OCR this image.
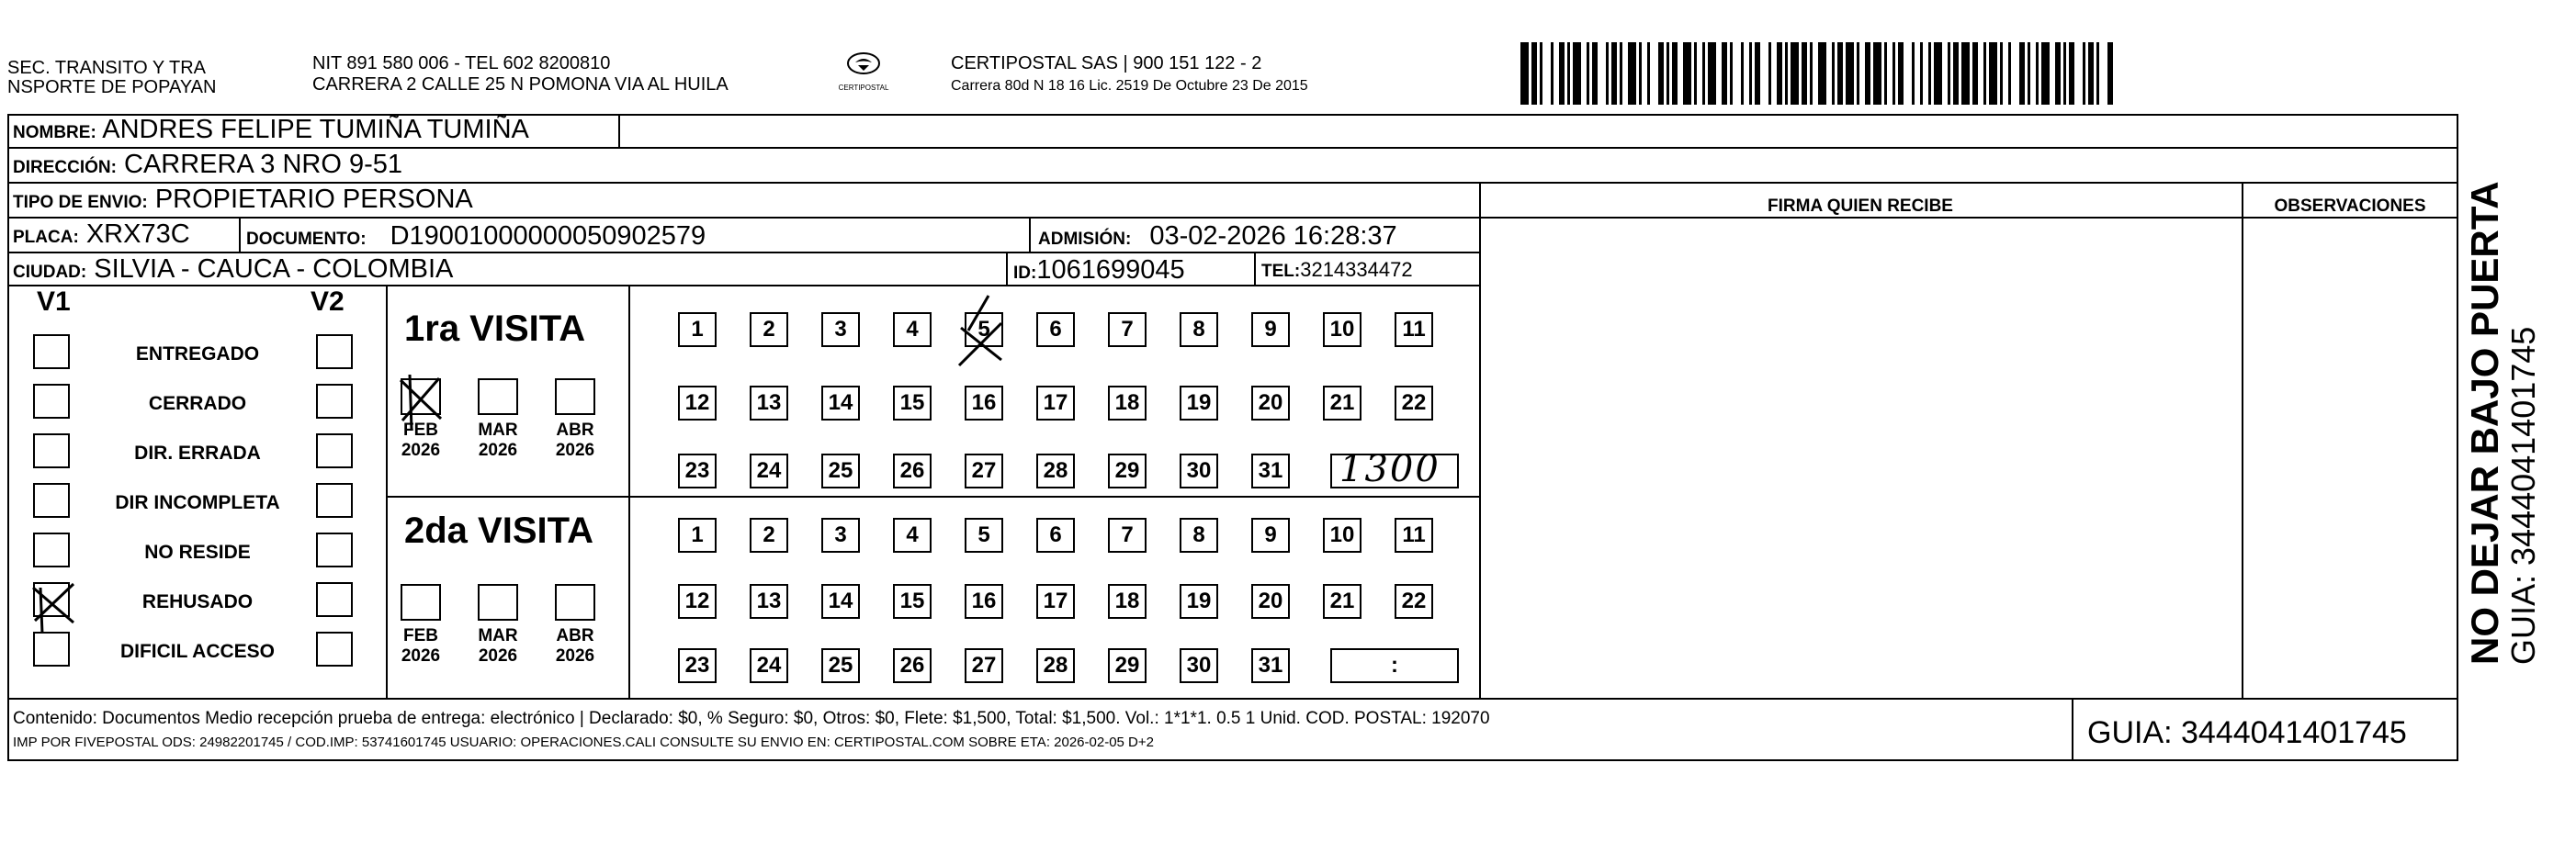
SEC. TRANSITO Y TRA
NSPORTE DE POPAYAN
NIT 891 580 006 - TEL 602 8200810
CARRERA 2 CALLE 25 N POMONA VIA AL HUILA	CERTIPOSTAL
CERTIPOSTAL SAS | 900 151 122 - 2
Carrera 80d N 18 16 Lic. 2519 De Octubre 23 De 2015
NOMBRE: ANDRES FELIPE TUMIÑA TUMIÑA
DIRECCIÓN: CARRERA 3 NRO 9-51
TIPO DE ENVIO: PROPIETARIO PERSONA	FIRMA QUIEN RECIBE	OBSERVACIONES
PLACA: XRX73C	DOCUMENTO: D19001000000050902579	ADMISIÓN: 03-02-2026 16:28:37
CIUDAD: SILVIA - CAUCA - COLOMBIA	ID:1061699045	TEL:3214334472
V1	V2
ENTREGADO
CERRADO
DIR. ERRADA
DIR INCOMPLETA
NO RESIDE
REHUSADO
DIFICIL ACCESO
1ra VISITA
2da VISITA
FEB
2026
MAR
2026
ABR
2026
FEB
2026
MAR
2026
ABR
2026
1	2	3	4	5	6	7	8	9	10	11
12	13	14	15	16	17	18	19	20	21	22
23	24	25	26	27	28	29	30	31
1	2	3	4	5	6	7	8	9	10	11
12	13	14	15	16	17	18	19	20	21	22
23	24	25	26	27	28	29	30	31	:
1300
Contenido: Documentos Medio recepción prueba de entrega: electrónico | Declarado: $0, % Seguro: $0, Otros: $0, Flete: $1,500, Total: $1,500. Vol.: 1*1*1. 0.5 1 Unid. COD. POSTAL: 192070
IMP POR FIVEPOSTAL ODS: 24982201745 / COD.IMP: 53741601745 USUARIO: OPERACIONES.CALI CONSULTE SU ENVIO EN: CERTIPOSTAL.COM SOBRE ETA: 2026-02-05 D+2	GUIA: 3444041401745
NO DEJAR BAJO PUERTA
GUIA: 3444041401745
